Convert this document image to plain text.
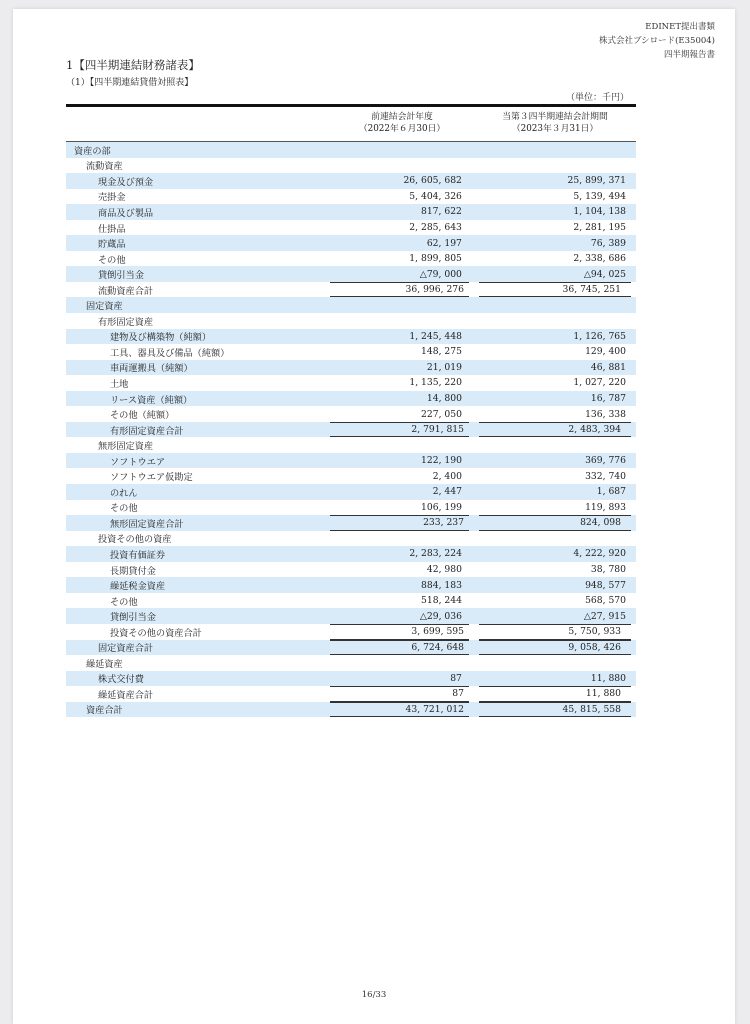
EDINET提出書類
株式会社ブシロード(E35004)
四半期報告書
1【四半期連結財務諸表】
（1）【四半期連結貸借対照表】
（単位：千円）
前連結会計年度
（2022年６月30日）
当第３四半期連結会計期間
（2023年３月31日）
資産の部
流動資産
現金及び預金	26, 605, 682	25, 899, 371
売掛金	5, 404, 326	5, 139, 494
商品及び製品	817, 622	1, 104, 138
仕掛品	2, 285, 643	2, 281, 195
貯蔵品	62, 197	76, 389
その他	1, 899, 805	2, 338, 686
貸倒引当金	△79, 000	△94, 025
流動資産合計	36, 996, 276	36, 745, 251
固定資産
有形固定資産
建物及び構築物（純額）	1, 245, 448	1, 126, 765
工具、器具及び備品（純額）	148, 275	129, 400
車両運搬具（純額）	21, 019	46, 881
土地	1, 135, 220	1, 027, 220
リース資産（純額）	14, 800	16, 787
その他（純額）	227, 050	136, 338
有形固定資産合計	2, 791, 815	2, 483, 394
無形固定資産
ソフトウエア	122, 190	369, 776
ソフトウエア仮勘定	2, 400	332, 740
のれん	2, 447	1, 687
その他	106, 199	119, 893
無形固定資産合計	233, 237	824, 098
投資その他の資産
投資有価証券	2, 283, 224	4, 222, 920
長期貸付金	42, 980	38, 780
繰延税金資産	884, 183	948, 577
その他	518, 244	568, 570
貸倒引当金	△29, 036	△27, 915
投資その他の資産合計	3, 699, 595	5, 750, 933
固定資産合計	6, 724, 648	9, 058, 426
繰延資産
株式交付費	87	11, 880
繰延資産合計	87	11, 880
資産合計	43, 721, 012	45, 815, 558
16/33
